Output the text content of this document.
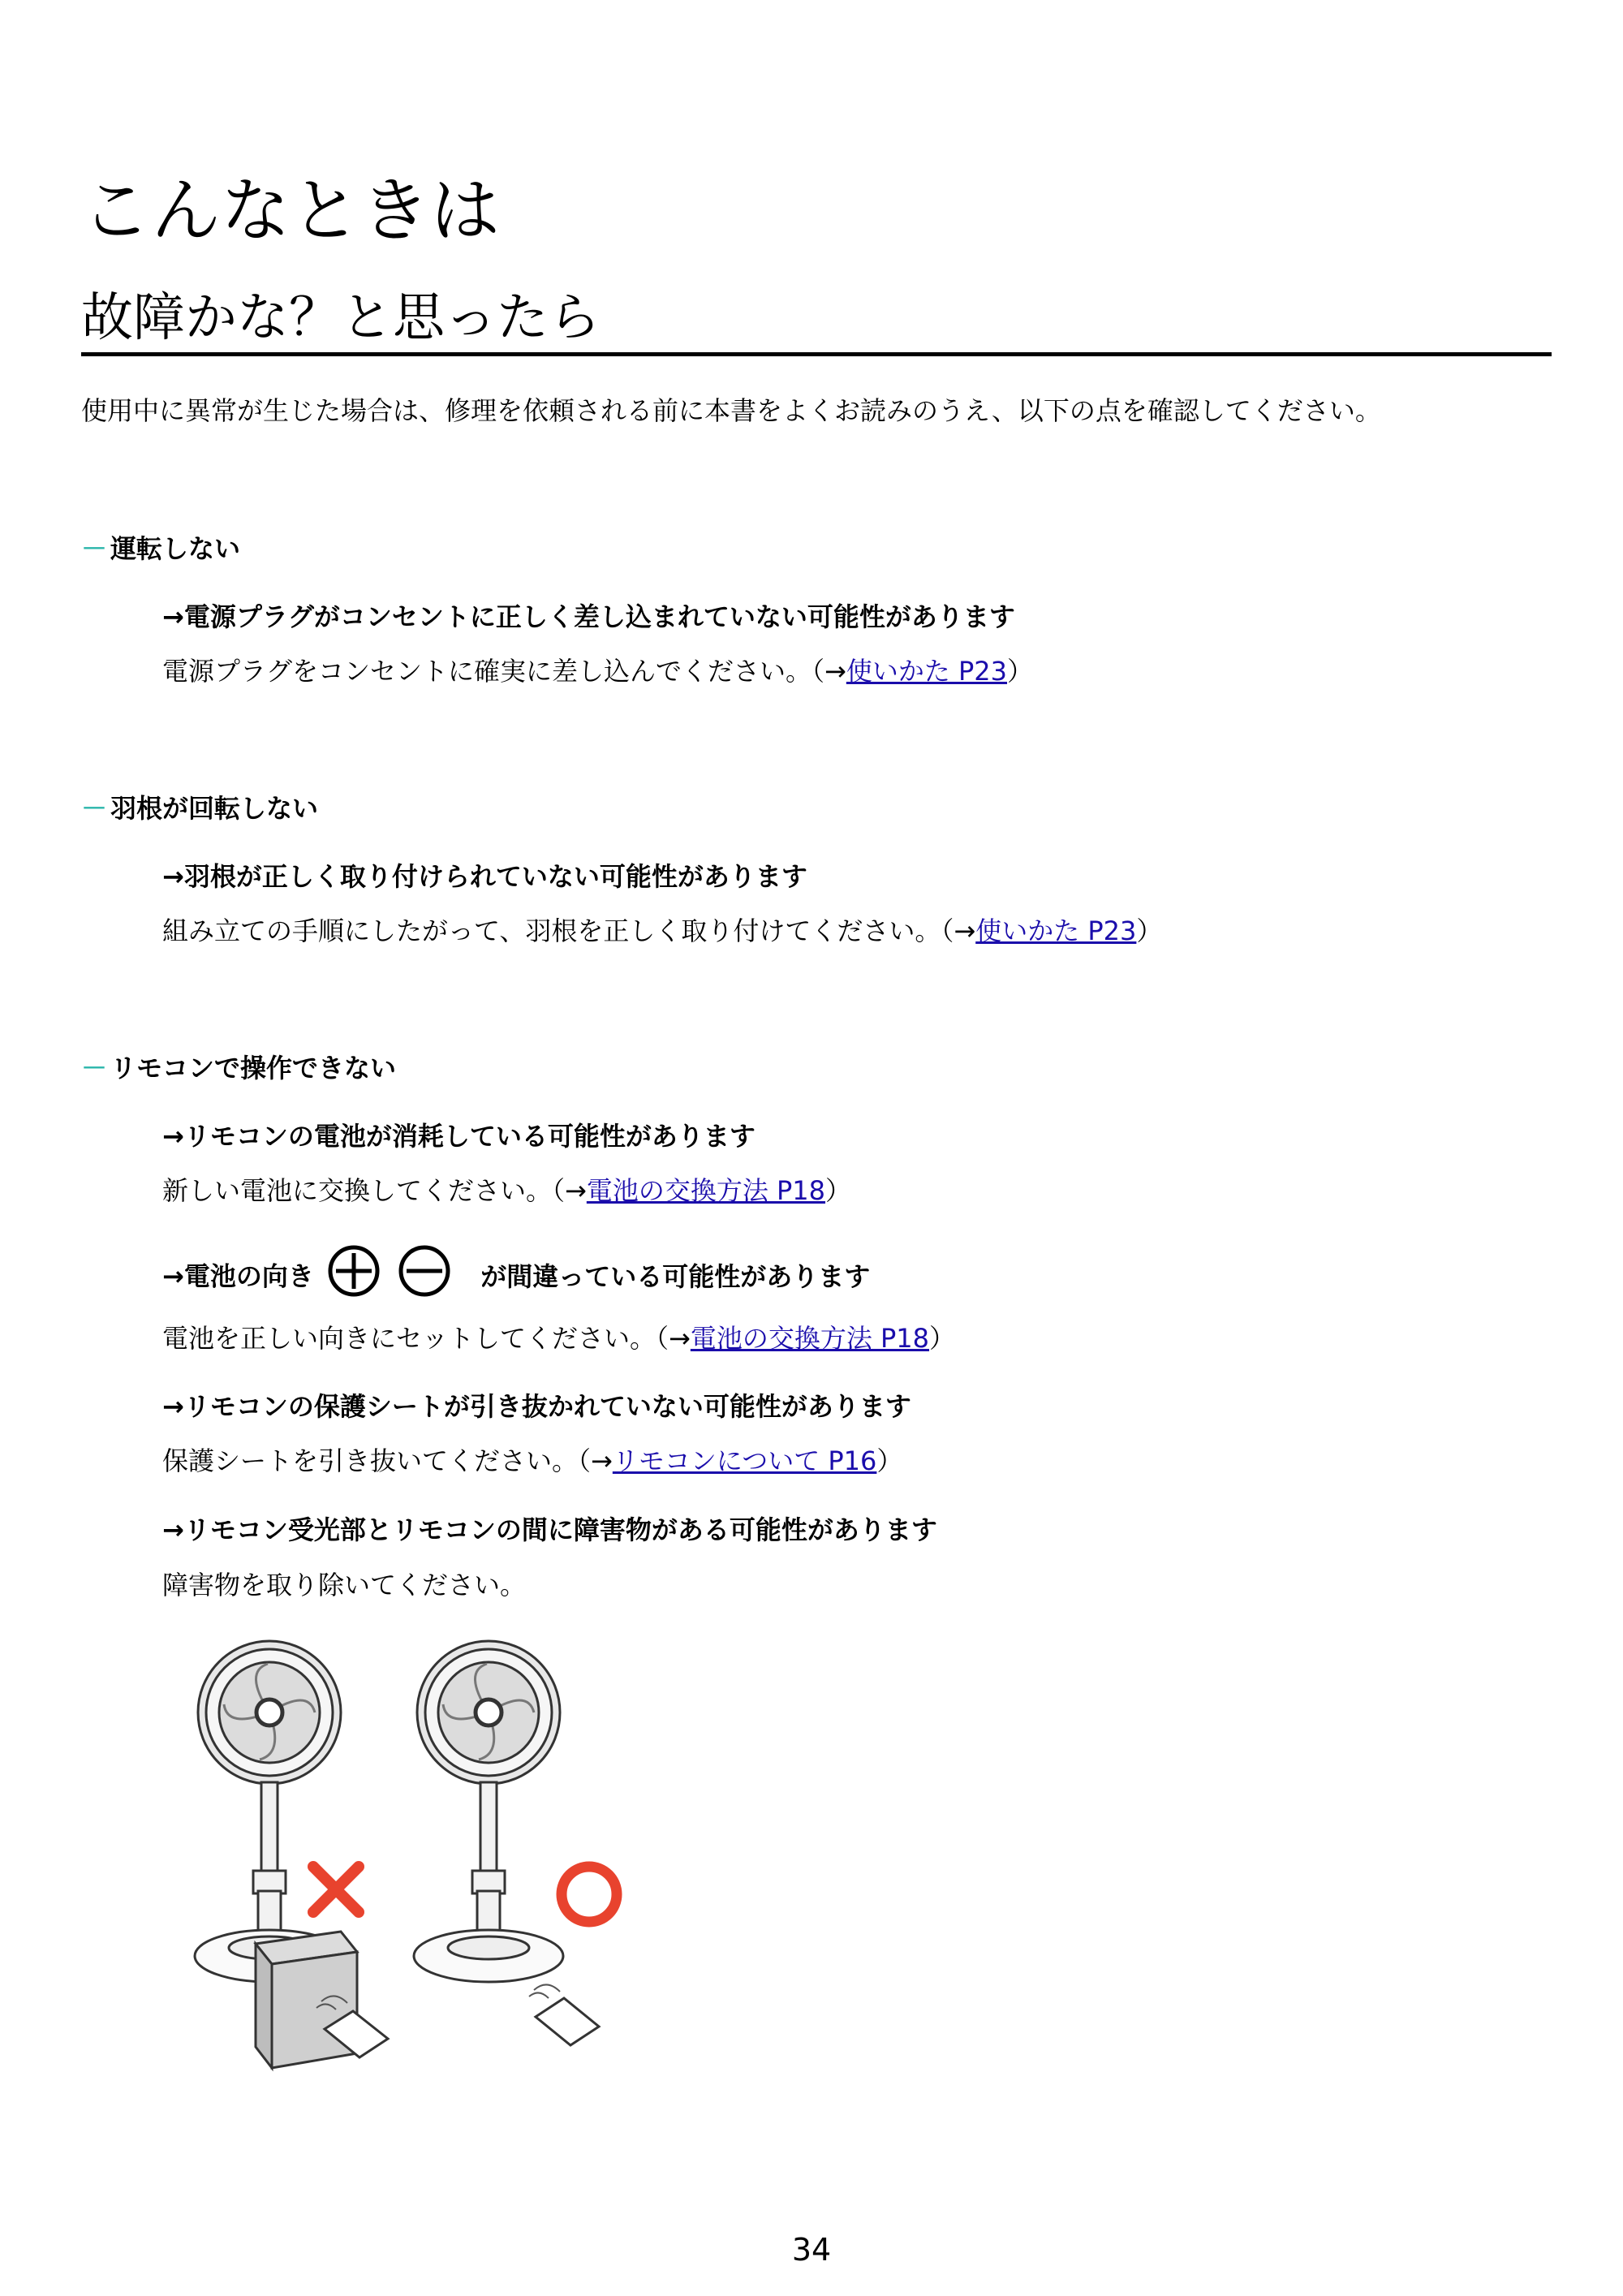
こんなときは
故障かな？と思ったら
使用中に異常が生じた場合は、修理を依頼される前に本書をよくお読みのうえ、以下の点を確認してください。
－ 運転しない
→電源プラグがコンセントに正しく差し込まれていない可能性があります
電源プラグをコンセントに確実に差し込んでください。（→使いかた P23）
－ 羽根が回転しない
→羽根が正しく取り付けられていない可能性があります
組み立ての手順にしたがって、羽根を正しく取り付けてください。（→使いかた P23）
－ リモコンで操作できない
→リモコンの電池が消耗している可能性があります
新しい電池に交換してください。（→電池の交換方法 P18）
→電池の向き	が間違っている可能性があります
電池を正しい向きにセットしてください。（→電池の交換方法 P18）
→リモコンの保護シートが引き抜かれていない可能性があります
保護シートを引き抜いてください。（→リモコンについて P16）
→リモコン受光部とリモコンの間に障害物がある可能性があります
障害物を取り除いてください。
34
